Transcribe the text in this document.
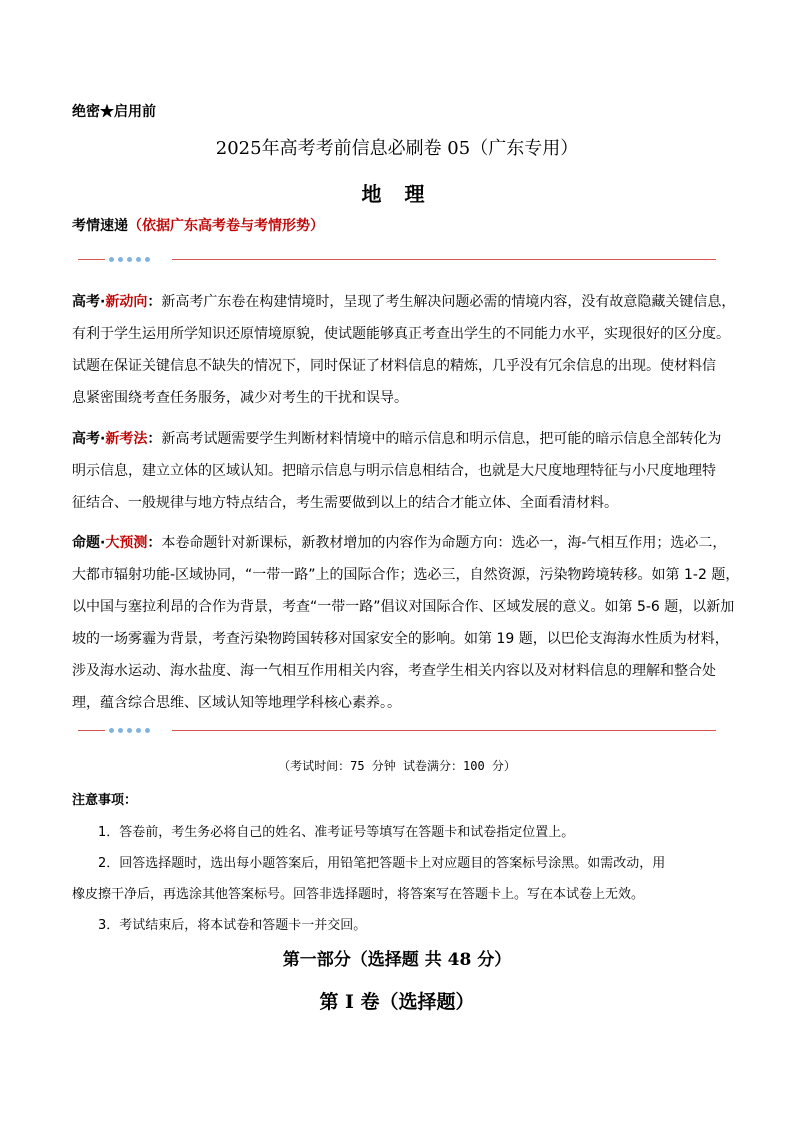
绝密★启用前
2025年高考考前信息必刷卷 05（广东专用）
地 理
考情速递（依据广东高考卷与考情形势）
高考·新动向：新高考广东卷在构建情境时，呈现了考生解决问题必需的情境内容，没有故意隐藏关键信息，
有利于学生运用所学知识还原情境原貌，使试题能够真正考查出学生的不同能力水平，实现很好的区分度。
试题在保证关键信息不缺失的情况下，同时保证了材料信息的精炼，几乎没有冗余信息的出现。使材料信
息紧密围绕考查任务服务，减少对考生的干扰和误导。
高考·新考法：新高考试题需要学生判断材料情境中的暗示信息和明示信息，把可能的暗示信息全部转化为
明示信息，建立立体的区域认知。把暗示信息与明示信息相结合，也就是大尺度地理特征与小尺度地理特
征结合、一般规律与地方特点结合，考生需要做到以上的结合才能立体、全面看清材料。
命题·大预测：本卷命题针对新课标，新教材增加的内容作为命题方向：选必一，海-气相互作用；选必二，
大都市辐射功能-区域协同，“一带一路”上的国际合作；选必三，自然资源，污染物跨境转移。如第 1-2 题，
以中国与塞拉利昂的合作为背景，考查“一带一路”倡议对国际合作、区域发展的意义。如第 5-6 题，以新加
坡的一场雾霾为背景，考查污染物跨国转移对国家安全的影响。如第 19 题，以巴伦支海海水性质为材料，
涉及海水运动、海水盐度、海一气相互作用相关内容，考查学生相关内容以及对材料信息的理解和整合处
理，蕴含综合思维、区域认知等地理学科核心素养。。
（考试时间：75 分钟 试卷满分：100 分）
注意事项：
1．答卷前，考生务必将自己的姓名、准考证号等填写在答题卡和试卷指定位置上。
2．回答选择题时，选出每小题答案后，用铅笔把答题卡上对应题目的答案标号涂黑。如需改动，用
橡皮擦干净后，再选涂其他答案标号。回答非选择题时，将答案写在答题卡上。写在本试卷上无效。
3．考试结束后，将本试卷和答题卡一并交回。
第一部分（选择题 共 48 分）
第 I 卷（选择题）
